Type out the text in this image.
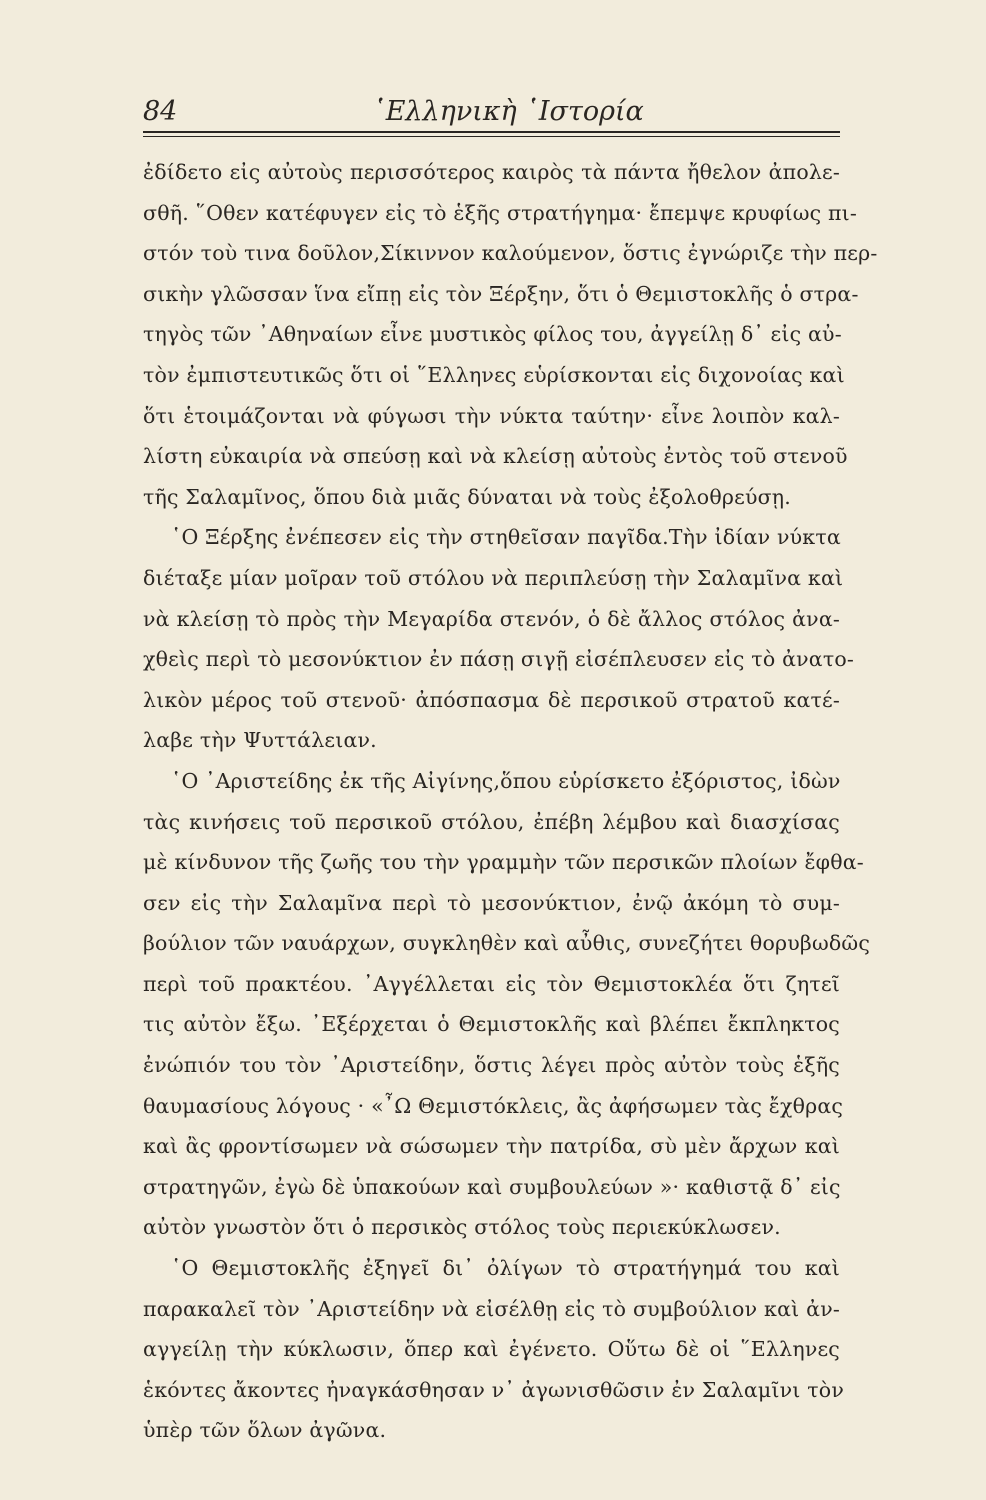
84	῾Ελληνικὴ ῾Ιστορία
ἐδίδετο εἰς αὐτοὺς περισσότερος καιρὸς τὰ πάντα ἤθελον ἀπολε-
σθῆ. ῞Οθεν κατέφυγεν εἰς τὸ ἑξῆς στρατήγημα· ἔπεμψε κρυφίως πι-
στόν τοὺ τινα δοῦλον,Σίκιννον καλούμενον, ὅστις ἐγνώριζε τὴν περ-
σικὴν γλῶσσαν ἵνα εἴπῃ εἰς τὸν Ξέρξην, ὅτι ὁ Θεμιστοκλῆς ὁ στρα-
τηγὸς τῶν ᾿Αθηναίων εἶνε μυστικὸς φίλος του, ἀγγείλῃ δ᾿ εἰς αὐ-
τὸν ἐμπιστευτικῶς ὅτι οἱ ῞Ελληνες εὑρίσκονται εἰς διχονοίας καὶ
ὅτι ἑτοιμάζονται νὰ φύγωσι τὴν νύκτα ταύτην· εἶνε λοιπὸν καλ-
λίστη εὐκαιρία νὰ σπεύσῃ καὶ νὰ κλείσῃ αὐτοὺς ἐντὸς τοῦ στενοῦ
τῆς Σαλαμῖνος, ὅπου διὰ μιᾶς δύναται νὰ τοὺς ἐξολοθρεύσῃ.
῾Ο Ξέρξης ἐνέπεσεν εἰς τὴν στηθεῖσαν παγῖδα.Τὴν ἰδίαν νύκτα
διέταξε μίαν μοῖραν τοῦ στόλου νὰ περιπλεύσῃ τὴν Σαλαμῖνα καὶ
νὰ κλείσῃ τὸ πρὸς τὴν Μεγαρίδα στενόν, ὁ δὲ ἄλλος στόλος ἀνα-
χθεὶς περὶ τὸ μεσονύκτιον ἐν πάσῃ σιγῇ εἰσέπλευσεν εἰς τὸ ἀνατο-
λικὸν μέρος τοῦ στενοῦ· ἀπόσπασμα δὲ περσικοῦ στρατοῦ κατέ-
λαβε τὴν Ψυττάλειαν.
῾Ο ᾿Αριστείδης ἐκ τῆς Αἰγίνης,ὅπου εὑρίσκετο ἐξόριστος, ἰδὼν
τὰς κινήσεις τοῦ περσικοῦ στόλου, ἐπέβη λέμβου καὶ διασχίσας
μὲ κίνδυνον τῆς ζωῆς του τὴν γραμμὴν τῶν περσικῶν πλοίων ἔφθα-
σεν εἰς τὴν Σαλαμῖνα περὶ τὸ μεσονύκτιον, ἐνῷ ἀκόμη τὸ συμ-
βούλιον τῶν ναυάρχων, συγκληθὲν καὶ αὖθις, συνεζήτει θορυβωδῶς
περὶ τοῦ πρακτέου. ᾿Αγγέλλεται εἰς τὸν Θεμιστοκλέα ὅτι ζητεῖ
τις αὐτὸν ἔξω. ᾿Εξέρχεται ὁ Θεμιστοκλῆς καὶ βλέπει ἔκπληκτος
ἐνώπιόν του τὸν ᾿Αριστείδην, ὅστις λέγει πρὸς αὐτὸν τοὺς ἑξῆς
θαυμασίους λόγους · «῏Ω Θεμιστόκλεις, ἂς ἀφήσωμεν τὰς ἔχθρας
καὶ ἂς φροντίσωμεν νὰ σώσωμεν τὴν πατρίδα, σὺ μὲν ἄρχων καὶ
στρατηγῶν, ἐγὼ δὲ ὑπακούων καὶ συμβουλεύων »· καθιστᾷ δ᾿ εἰς
αὐτὸν γνωστὸν ὅτι ὁ περσικὸς στόλος τοὺς περιεκύκλωσεν.
῾Ο Θεμιστοκλῆς ἐξηγεῖ δι᾿ ὀλίγων τὸ στρατήγημά του καὶ
παρακαλεῖ τὸν ᾿Αριστείδην νὰ εἰσέλθῃ εἰς τὸ συμβούλιον καὶ ἀν-
αγγείλῃ τὴν κύκλωσιν, ὅπερ καὶ ἐγένετο. Οὕτω δὲ οἱ ῞Ελληνες
ἑκόντες ἄκοντες ἠναγκάσθησαν ν᾿ ἀγωνισθῶσιν ἐν Σαλαμῖνι τὸν
ὑπὲρ τῶν ὅλων ἀγῶνα.
